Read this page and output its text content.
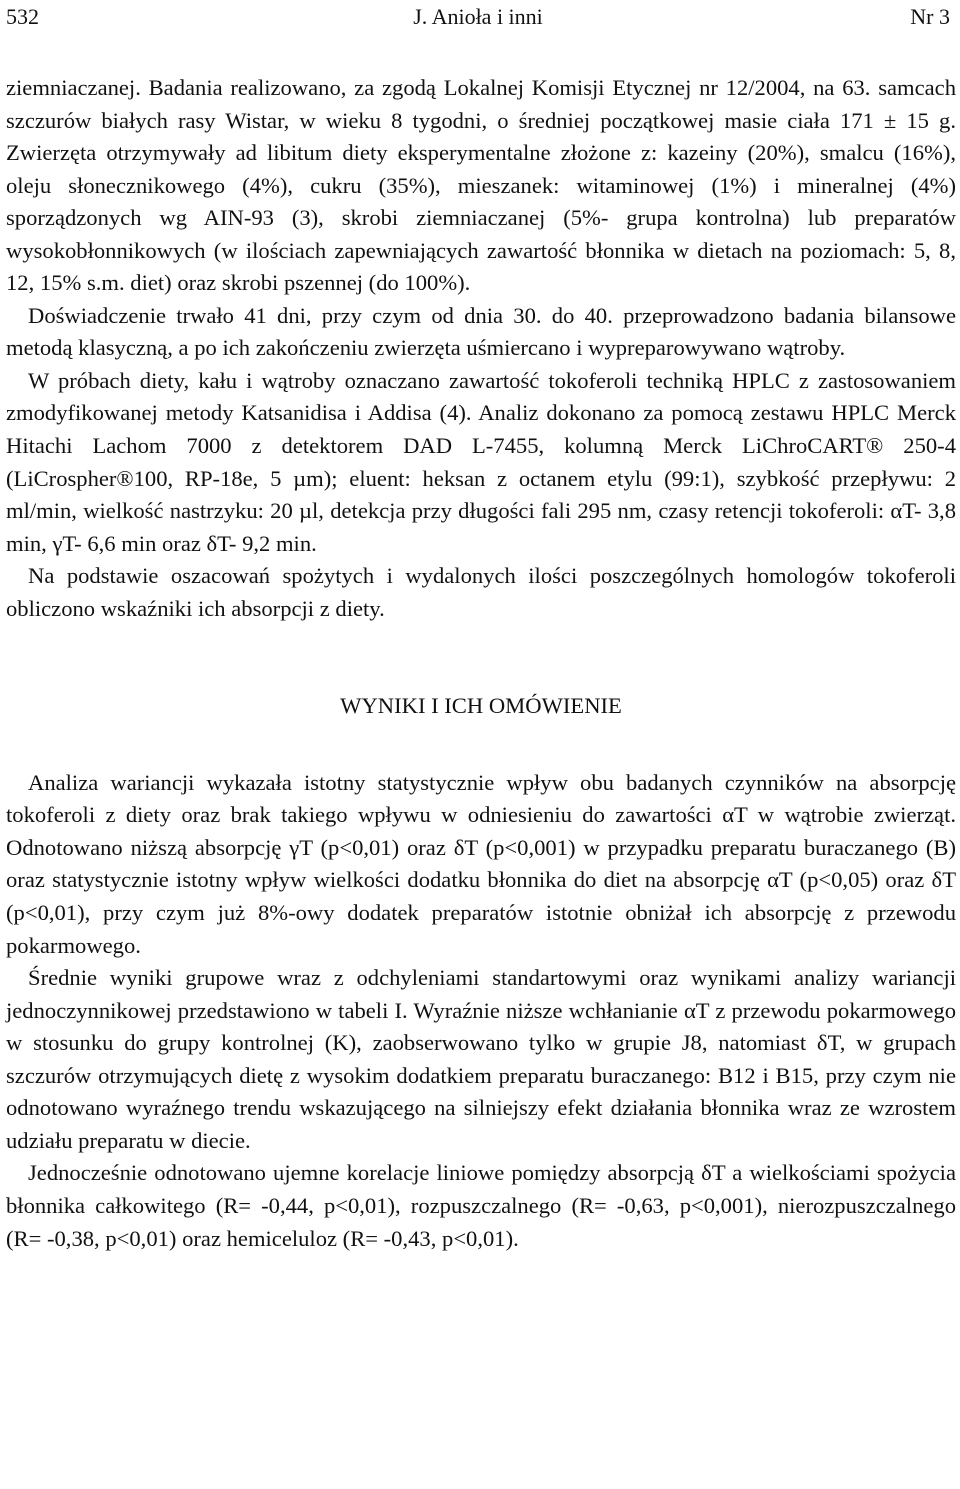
532	J. Anioła i inni	Nr 3

ziemniaczanej. Badania realizowano, za zgodą Lokalnej Komisji Etycznej nr 12/2004, na 63. samcach szczurów białych rasy Wistar, w wieku 8 tygodni, o średniej początkowej masie ciała 171 ± 15 g. Zwierzęta otrzymywały ad libitum diety eksperymentalne złożone z: kazeiny (20%), smalcu (16%), oleju słonecznikowego (4%), cukru (35%), mieszanek: witaminowej (1%) i mineralnej (4%) sporządzonych wg AIN-93 (3), skrobi ziemniaczanej (5%- grupa kontrolna) lub preparatów wysokobłonnikowych (w ilościach zapewniających zawartość błonnika w dietach na poziomach: 5, 8, 12, 15% s.m. diet) oraz skrobi pszennej (do 100%).

Doświadczenie trwało 41 dni, przy czym od dnia 30. do 40. przeprowadzono badania bilansowe metodą klasyczną, a po ich zakończeniu zwierzęta uśmiercano i wypreparowywano wątroby.

W próbach diety, kału i wątroby oznaczano zawartość tokoferoli techniką HPLC z zastosowaniem zmodyfikowanej metody Katsanidisa i Addisa (4). Analiz dokonano za pomocą zestawu HPLC Merck Hitachi Lachom 7000 z detektorem DAD L-7455, kolumną Merck LiChroCART® 250-4 (LiCrospher®100, RP-18e, 5 µm); eluent: heksan z octanem etylu (99:1), szybkość przepływu: 2 ml/min, wielkość nastrzyku: 20 µl, detekcja przy długości fali 295 nm, czasy retencji tokoferoli: αT- 3,8 min, γT- 6,6 min oraz δT- 9,2 min.

Na podstawie oszacowań spożytych i wydalonych ilości poszczególnych homologów tokoferoli obliczono wskaźniki ich absorpcji z diety.

WYNIKI I ICH OMÓWIENIE

Analiza wariancji wykazała istotny statystycznie wpływ obu badanych czynników na absorpcję tokoferoli z diety oraz brak takiego wpływu w odniesieniu do zawartości αT w wątrobie zwierząt. Odnotowano niższą absorpcję γT (p<0,01) oraz δT (p<0,001) w przypadku preparatu buraczanego (B) oraz statystycznie istotny wpływ wielkości dodatku błonnika do diet na absorpcję αT (p<0,05) oraz δT (p<0,01), przy czym już 8%-owy dodatek preparatów istotnie obniżał ich absorpcję z przewodu pokarmowego.

Średnie wyniki grupowe wraz z odchyleniami standartowymi oraz wynikami analizy wariancji jednoczynnikowej przedstawiono w tabeli I. Wyraźnie niższe wchłanianie αT z przewodu pokarmowego w stosunku do grupy kontrolnej (K), zaobserwowano tylko w grupie J8, natomiast δT, w grupach szczurów otrzymujących dietę z wysokim dodatkiem preparatu buraczanego: B12 i B15, przy czym nie odnotowano wyraźnego trendu wskazującego na silniejszy efekt działania błonnika wraz ze wzrostem udziału preparatu w diecie.

Jednocześnie odnotowano ujemne korelacje liniowe pomiędzy absorpcją δT a wielkościami spożycia błonnika całkowitego (R= -0,44, p<0,01), rozpuszczalnego (R= -0,63, p<0,001), nierozpuszczalnego (R= -0,38, p<0,01) oraz hemiceluloz (R= -0,43, p<0,01).
